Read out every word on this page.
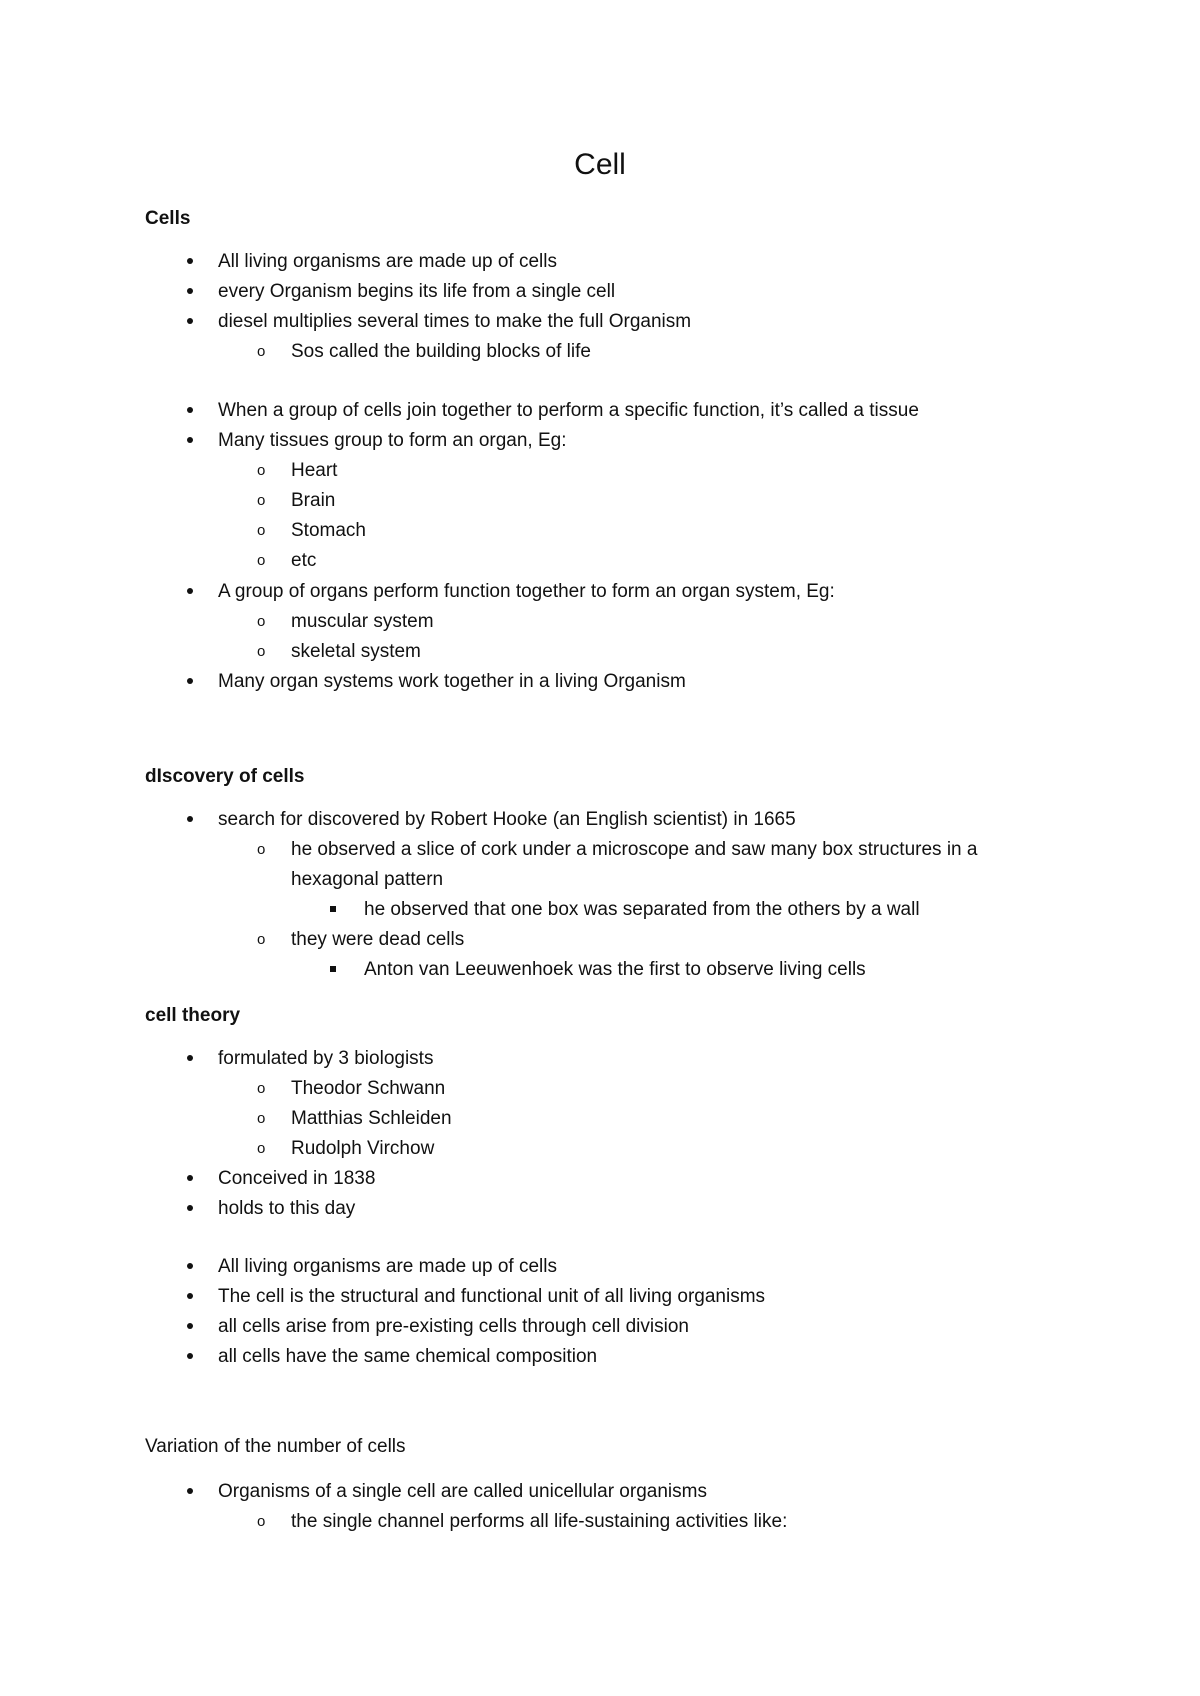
Cell
Cells
All living organisms are made up of cells
every Organism begins its life from a single cell
diesel multiplies several times to make the full Organism
o Sos called the building blocks of life
When a group of cells join together to perform a specific function, it’s called a tissue
Many tissues group to form an organ, Eg:
o Heart
o Brain
o Stomach
o etc
A group of organs perform function together to form an organ system, Eg:
o muscular system
o skeletal system
Many organ systems work together in a living Organism
dIscovery of cells
search for discovered by Robert Hooke (an English scientist) in 1665
o he observed a slice of cork under a microscope and saw many box structures in a
hexagonal pattern
he observed that one box was separated from the others by a wall
o they were dead cells
Anton van Leeuwenhoek was the first to observe living cells
cell theory
formulated by 3 biologists
o Theodor Schwann
o Matthias Schleiden
o Rudolph Virchow
Conceived in 1838
holds to this day
All living organisms are made up of cells
The cell is the structural and functional unit of all living organisms
all cells arise from pre-existing cells through cell division
all cells have the same chemical composition
Variation of the number of cells
Organisms of a single cell are called unicellular organisms
o the single channel performs all life-sustaining activities like:
